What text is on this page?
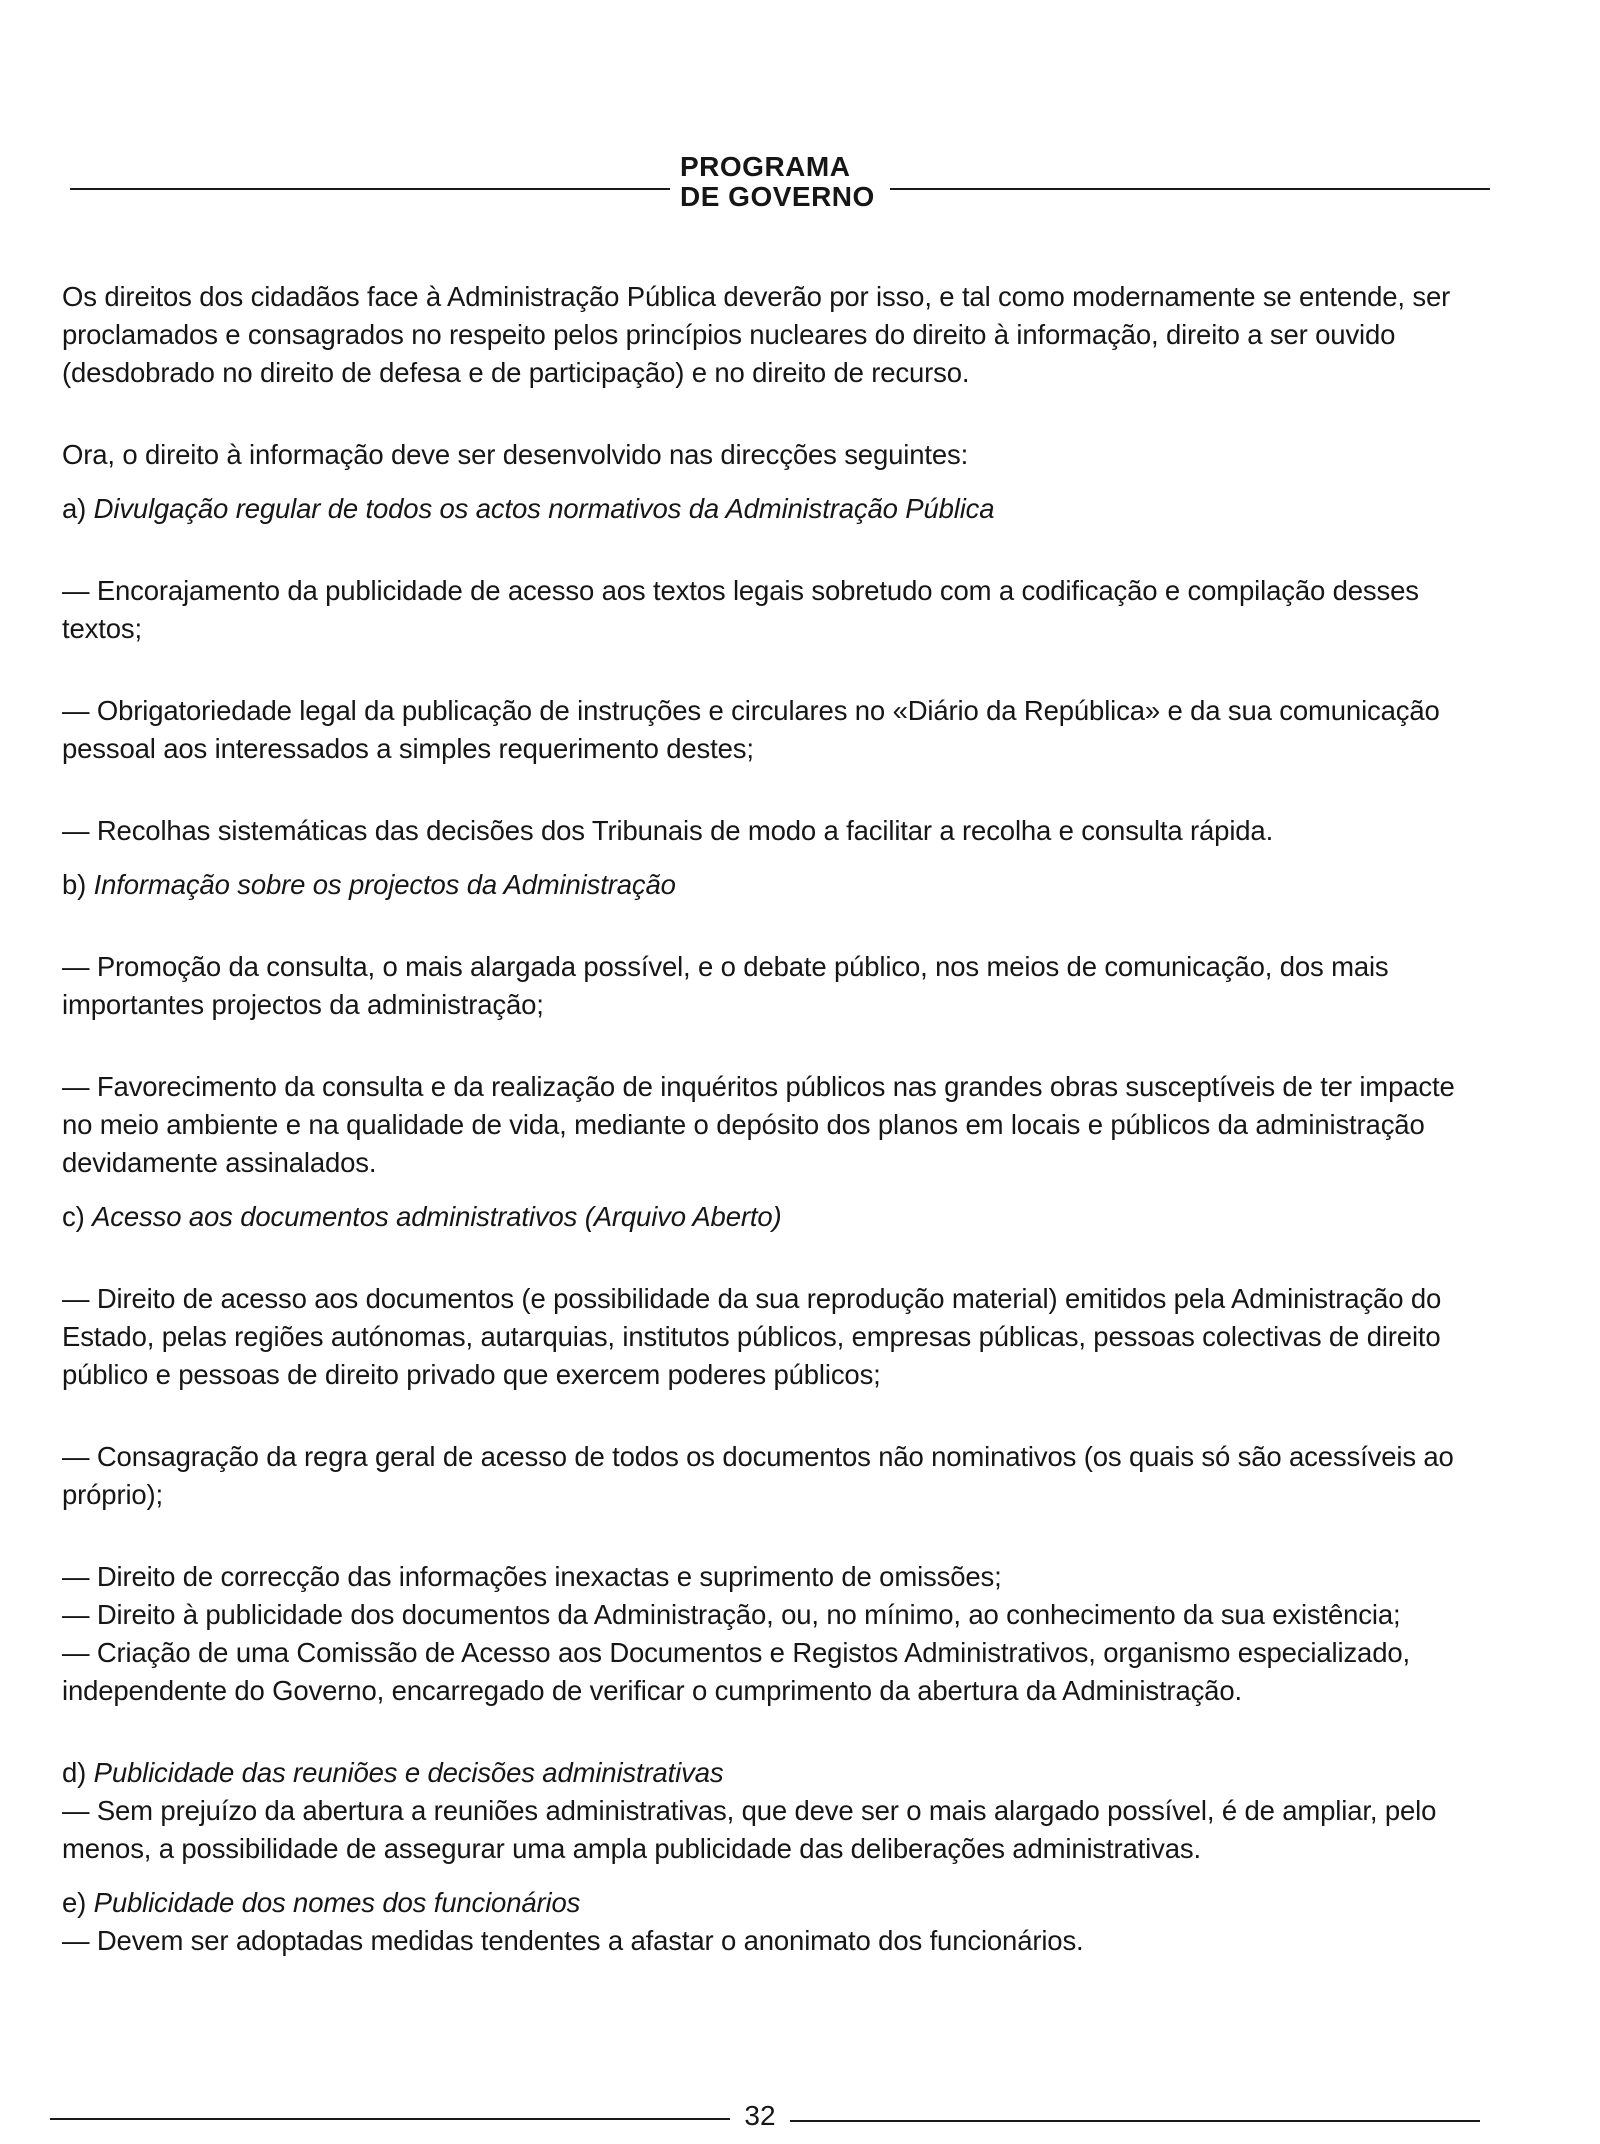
PROGRAMA
DE GOVERNO

Os direitos dos cidadãos face à Administração Pública deverão por isso, e tal como modernamente se entende, ser proclamados e consagrados no respeito pelos princípios nucleares do direito à informação, direito a ser ouvido (desdobrado no direito de defesa e de participação) e no direito de recurso.

Ora, o direito à informação deve ser desenvolvido nas direcções seguintes:

a) Divulgação regular de todos os actos normativos da Administração Pública

— Encorajamento da publicidade de acesso aos textos legais sobretudo com a codificação e compilação desses textos;

— Obrigatoriedade legal da publicação de instruções e circulares no «Diário da República» e da sua comunicação pessoal aos interessados a simples requerimento destes;

— Recolhas sistemáticas das decisões dos Tribunais de modo a facilitar a recolha e consulta rápida.

b) Informação sobre os projectos da Administração

— Promoção da consulta, o mais alargada possível, e o debate público, nos meios de comunicação, dos mais importantes projectos da administração;

— Favorecimento da consulta e da realização de inquéritos públicos nas grandes obras susceptíveis de ter impacte no meio ambiente e na qualidade de vida, mediante o depósito dos planos em locais e públicos da administração devidamente assinalados.

c) Acesso aos documentos administrativos (Arquivo Aberto)

— Direito de acesso aos documentos (e possibilidade da sua reprodução material) emitidos pela Administração do Estado, pelas regiões autónomas, autarquias, institutos públicos, empresas públicas, pessoas colectivas de direito público e pessoas de direito privado que exercem poderes públicos;

— Consagração da regra geral de acesso de todos os documentos não nominativos (os quais só são acessíveis ao próprio);

— Direito de correcção das informações inexactas e suprimento de omissões;

— Direito à publicidade dos documentos da Administração, ou, no mínimo, ao conhecimento da sua existência;

— Criação de uma Comissão de Acesso aos Documentos e Registos Administrativos, organismo especializado, independente do Governo, encarregado de verificar o cumprimento da abertura da Administração.

d) Publicidade das reuniões e decisões administrativas

— Sem prejuízo da abertura a reuniões administrativas, que deve ser o mais alargado possível, é de ampliar, pelo menos, a possibilidade de assegurar uma ampla publicidade das deliberações administrativas.

e) Publicidade dos nomes dos funcionários

— Devem ser adoptadas medidas tendentes a afastar o anonimato dos funcionários.

32
